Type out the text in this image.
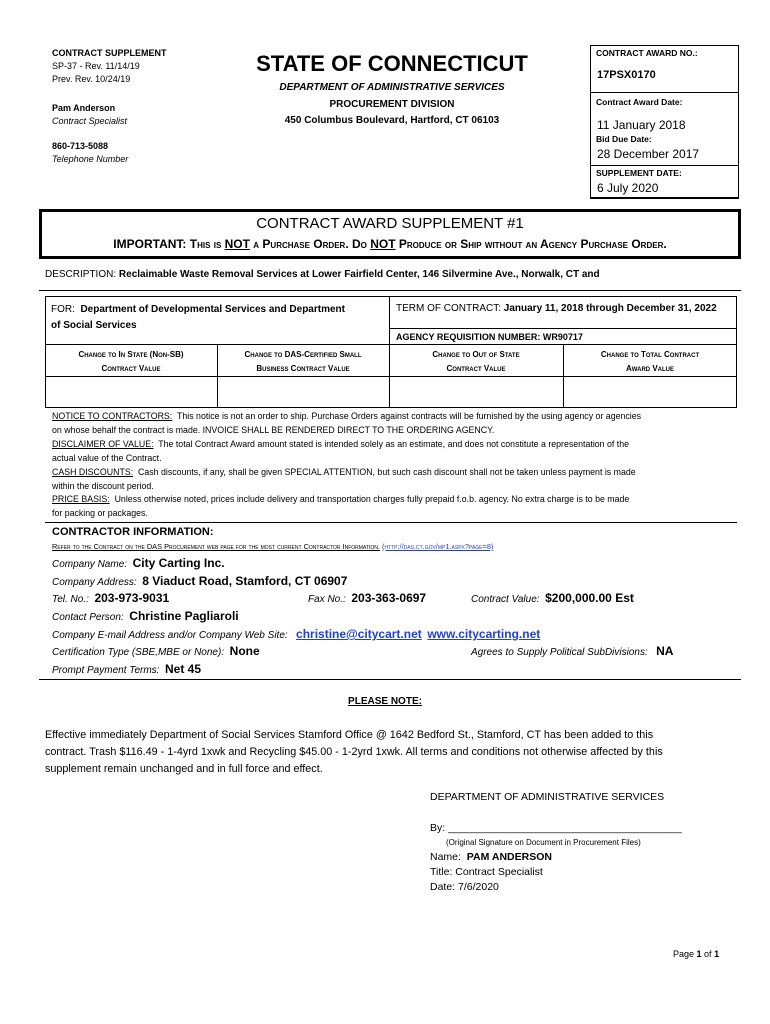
CONTRACT SUPPLEMENT
SP-37 - Rev. 11/14/19
Prev. Rev. 10/24/19
Pam Anderson
Contract Specialist
860-713-5088
Telephone Number
STATE OF CONNECTICUT
DEPARTMENT OF ADMINISTRATIVE SERVICES
PROCUREMENT DIVISION
450 Columbus Boulevard, Hartford, CT 06103
CONTRACT AWARD NO.:
17PSX0170
Contract Award Date:
11 January 2018
Bid Due Date:
28 December 2017
SUPPLEMENT DATE:
6 July 2020
CONTRACT AWARD SUPPLEMENT #1
IMPORTANT: This is NOT a Purchase Order. Do NOT Produce or Ship without an Agency Purchase Order.
DESCRIPTION: Reclaimable Waste Removal Services at Lower Fairfield Center, 146 Silvermine Ave., Norwalk, CT and
FOR: Department of Developmental Services and Department
of Social Services
TERM OF CONTRACT: January 11, 2018 through December 31, 2022
AGENCY REQUISITION NUMBER: WR90717
Change to In State (Non-SB)
Contract Value
Change to DAS-Certified Small
Business Contract Value
Change to Out of State
Contract Value
Change to Total Contract
Award Value
NOTICE TO CONTRACTORS: This notice is not an order to ship. Purchase Orders against contracts will be furnished by the using agency or agencies
on whose behalf the contract is made. INVOICE SHALL BE RENDERED DIRECT TO THE ORDERING AGENCY.
DISCLAIMER OF VALUE: The total Contract Award amount stated is intended solely as an estimate, and does not constitute a representation of the
actual value of the Contract.
CASH DISCOUNTS: Cash discounts, if any, shall be given SPECIAL ATTENTION, but such cash discount shall not be taken unless payment is made
within the discount period.
PRICE BASIS: Unless otherwise noted, prices include delivery and transportation charges fully prepaid f.o.b. agency. No extra charge is to be made
for packing or packages.
CONTRACTOR INFORMATION:
Refer to the Contract on the DAS Procurement web page for the most current Contractor Information. (http://das.ct.gov/mp1.aspx?page=8)
Company Name: City Carting Inc.
Company Address: 8 Viaduct Road, Stamford, CT 06907
Tel. No.: 203-973-9031	Fax No.: 203-363-0697	Contract Value: $200,000.00 Est
Contact Person: Christine Pagliaroli
Company E-mail Address and/or Company Web Site: christine@citycart.net www.citycarting.net
Certification Type (SBE,MBE or None): None	Agrees to Supply Political SubDivisions: NA
Prompt Payment Terms: Net 45
PLEASE NOTE:
Effective immediately Department of Social Services Stamford Office @ 1642 Bedford St., Stamford, CT has been added to this
contract. Trash $116.49 - 1-4yrd 1xwk and Recycling $45.00 - 1-2yrd 1xwk. All terms and conditions not otherwise affected by this
supplement remain unchanged and in full force and effect.
DEPARTMENT OF ADMINISTRATIVE SERVICES
By: ________________________________________
(Original Signature on Document in Procurement Files)
Name: PAM ANDERSON
Title: Contract Specialist
Date: 7/6/2020
Page 1 of 1
